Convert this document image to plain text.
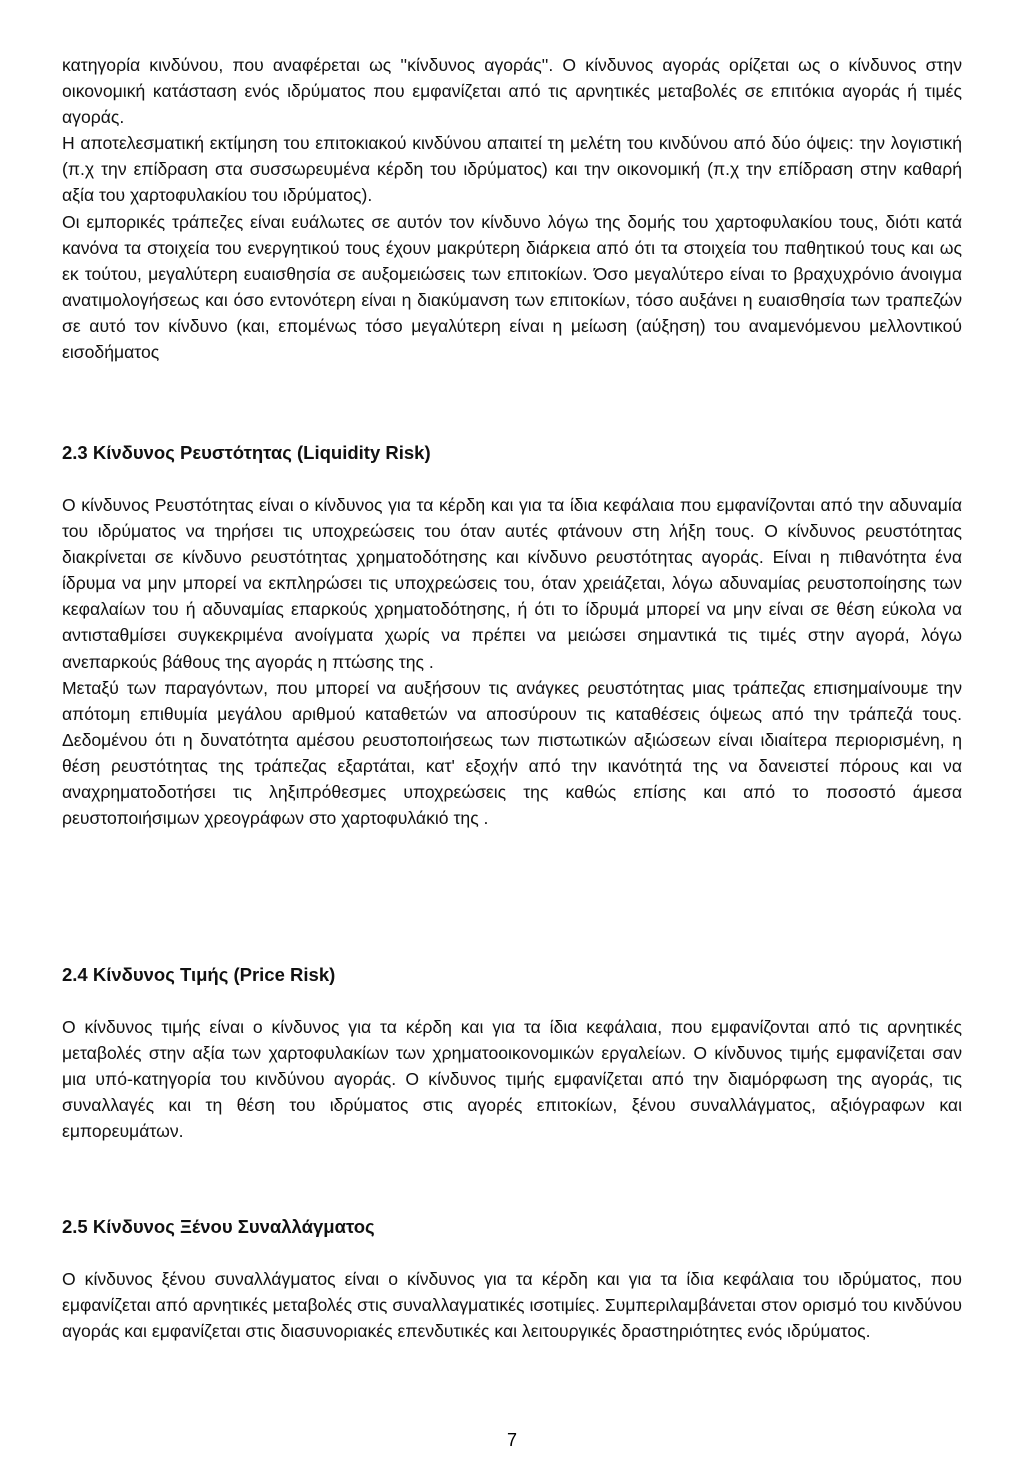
κατηγορία κινδύνου, που αναφέρεται ως ''κίνδυνος αγοράς''. Ο κίνδυνος αγοράς ορίζεται ως ο κίνδυνος στην οικονομική κατάσταση ενός ιδρύματος που εμφανίζεται από τις αρνητικές μεταβολές σε επιτόκια αγοράς ή τιμές αγοράς.

Η αποτελεσματική εκτίμηση του επιτοκιακού κινδύνου απαιτεί τη μελέτη του κινδύνου από δύο όψεις: την λογιστική (π.χ την επίδραση στα συσσωρευμένα κέρδη του ιδρύματος) και την οικονομική (π.χ την επίδραση στην καθαρή αξία του χαρτοφυλακίου του ιδρύματος).

Οι εμπορικές τράπεζες είναι ευάλωτες σε αυτόν τον κίνδυνο λόγω της δομής του χαρτοφυλακίου τους, διότι κατά κανόνα τα στοιχεία του ενεργητικού τους έχουν μακρύτερη διάρκεια από ότι τα στοιχεία του παθητικού τους και ως εκ τούτου, μεγαλύτερη ευαισθησία σε αυξομειώσεις των επιτοκίων. Όσο μεγαλύτερο είναι το βραχυχρόνιο άνοιγμα ανατιμολογήσεως και όσο εντονότερη είναι η διακύμανση των επιτοκίων, τόσο αυξάνει η ευαισθησία των τραπεζών σε αυτό τον κίνδυνο (και, επομένως τόσο μεγαλύτερη είναι η μείωση (αύξηση) του αναμενόμενου μελλοντικού εισοδήματος

2.3 Κίνδυνος Ρευστότητας (Liquidity Risk)

Ο κίνδυνος Ρευστότητας είναι ο κίνδυνος για τα κέρδη και για τα ίδια κεφάλαια που εμφανίζονται από την αδυναμία του ιδρύματος να τηρήσει τις υποχρεώσεις του όταν αυτές φτάνουν στη λήξη τους. Ο κίνδυνος ρευστότητας διακρίνεται σε κίνδυνο ρευστότητας χρηματοδότησης και κίνδυνο ρευστότητας αγοράς. Είναι η πιθανότητα ένα ίδρυμα να μην μπορεί να εκπληρώσει τις υποχρεώσεις του, όταν χρειάζεται, λόγω αδυναμίας ρευστοποίησης των κεφαλαίων του ή αδυναμίας επαρκούς χρηματοδότησης, ή ότι το ίδρυμά μπορεί να μην είναι σε θέση εύκολα να αντισταθμίσει συγκεκριμένα ανοίγματα χωρίς να πρέπει να μειώσει σημαντικά τις τιμές στην αγορά, λόγω ανεπαρκούς βάθους της αγοράς η πτώσης της .

Μεταξύ των παραγόντων, που μπορεί να αυξήσουν τις ανάγκες ρευστότητας μιας τράπεζας επισημαίνουμε την απότομη επιθυμία μεγάλου αριθμού καταθετών να αποσύρουν τις καταθέσεις όψεως από την τράπεζά τους. Δεδομένου ότι η δυνατότητα αμέσου ρευστοποιήσεως των πιστωτικών αξιώσεων είναι ιδιαίτερα περιορισμένη, η θέση ρευστότητας της τράπεζας εξαρτάται, κατ' εξοχήν από την ικανότητά της να δανειστεί πόρους και να αναχρηματοδοτήσει τις ληξιπρόθεσμες υποχρεώσεις της καθώς επίσης και από το ποσοστό άμεσα ρευστοποιήσιμων χρεογράφων στο χαρτοφυλάκιό της .

2.4 Κίνδυνος Τιμής (Price Risk)

Ο κίνδυνος τιμής είναι ο κίνδυνος για τα κέρδη και για τα ίδια κεφάλαια, που εμφανίζονται από τις αρνητικές μεταβολές στην αξία των χαρτοφυλακίων των χρηματοοικονομικών εργαλείων. Ο κίνδυνος τιμής εμφανίζεται σαν μια υπό-κατηγορία του κινδύνου αγοράς. Ο κίνδυνος τιμής εμφανίζεται από την διαμόρφωση της αγοράς, τις συναλλαγές και τη θέση του ιδρύματος στις αγορές επιτοκίων, ξένου συναλλάγματος, αξιόγραφων και εμπορευμάτων.

2.5 Κίνδυνος Ξένου Συναλλάγματος

Ο κίνδυνος ξένου συναλλάγματος είναι ο κίνδυνος για τα κέρδη και για τα ίδια κεφάλαια του ιδρύματος, που εμφανίζεται από αρνητικές μεταβολές στις συναλλαγματικές ισοτιμίες. Συμπεριλαμβάνεται στον ορισμό του κινδύνου αγοράς και εμφανίζεται στις διασυνοριακές επενδυτικές και λειτουργικές δραστηριότητες ενός ιδρύματος.

7
